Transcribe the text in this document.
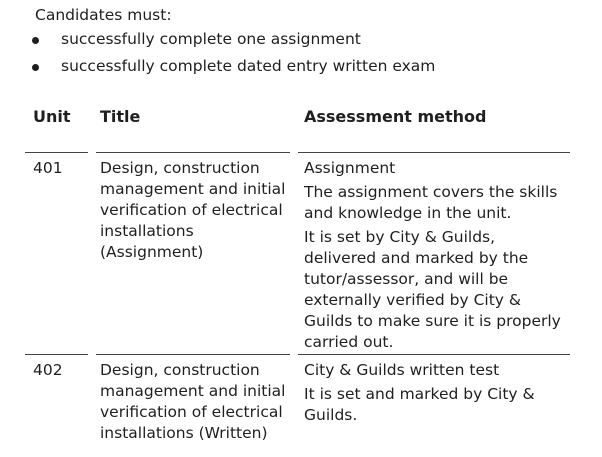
Candidates must:
successfully complete one assignment
successfully complete dated entry written exam
Unit Title	Assessment method
401 Design, construction
management and initial
verification of electrical
installations
(Assignment)

Assignment

The assignment covers the skills
and knowledge in the unit.

It is set by City & Guilds,
delivered and marked by the
tutor/assessor, and will be
externally verified by City &
Guilds to make sure it is properly
carried out.

402 Design, construction
management and initial
verification of electrical
installations (Written)

City & Guilds written test

It is set and marked by City &
Guilds.
